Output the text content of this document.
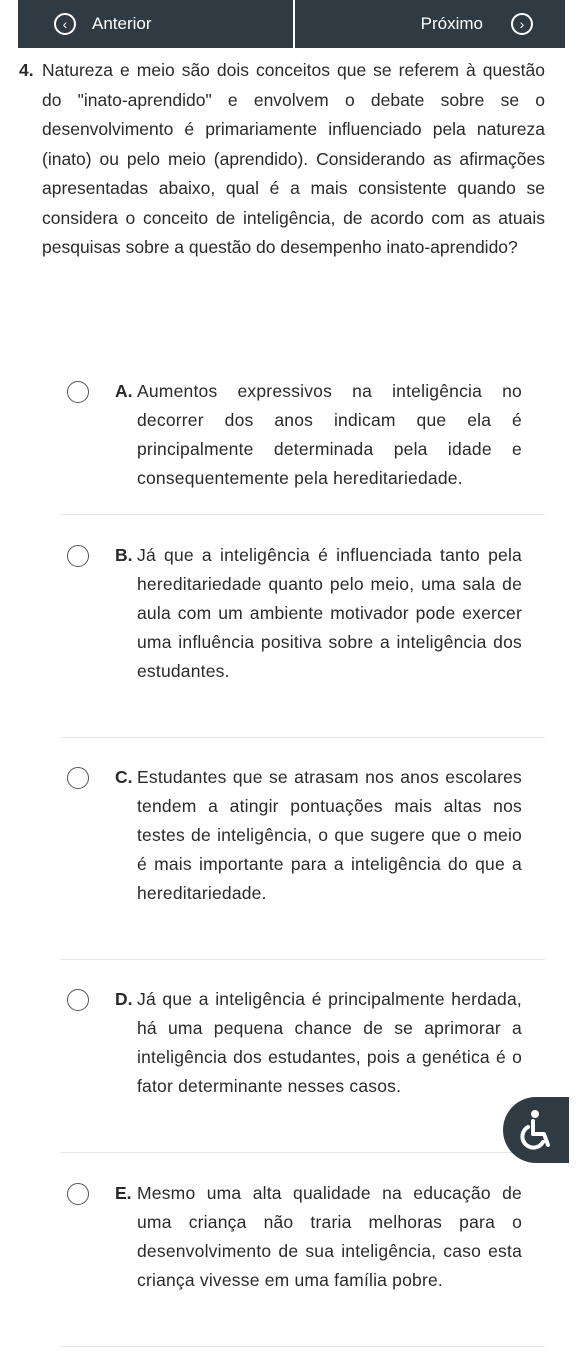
‹	Anterior	Próximo	›
4. Natureza e meio são dois conceitos que se referem à questão do "inato-aprendido" e envolvem o debate sobre se o desenvolvimento é primariamente influenciado pela natureza (inato) ou pelo meio (aprendido). Considerando as afirmações apresentadas abaixo, qual é a mais consistente quando se considera o conceito de inteligência, de acordo com as atuais pesquisas sobre a questão do desempenho inato-aprendido?
A. Aumentos expressivos na inteligência no decorrer dos anos indicam que ela é principalmente determinada pela idade e consequentemente pela hereditariedade.
B. Já que a inteligência é influenciada tanto pela hereditariedade quanto pelo meio, uma sala de aula com um ambiente motivador pode exercer uma influência positiva sobre a inteligência dos estudantes.
C. Estudantes que se atrasam nos anos escolares tendem a atingir pontuações mais altas nos testes de inteligência, o que sugere que o meio é mais importante para a inteligência do que a hereditariedade.
D. Já que a inteligência é principalmente herdada, há uma pequena chance de se aprimorar a inteligência dos estudantes, pois a genética é o fator determinante nesses casos.
E. Mesmo uma alta qualidade na educação de uma criança não traria melhoras para o desenvolvimento de sua inteligência, caso esta criança vivesse em uma família pobre.
